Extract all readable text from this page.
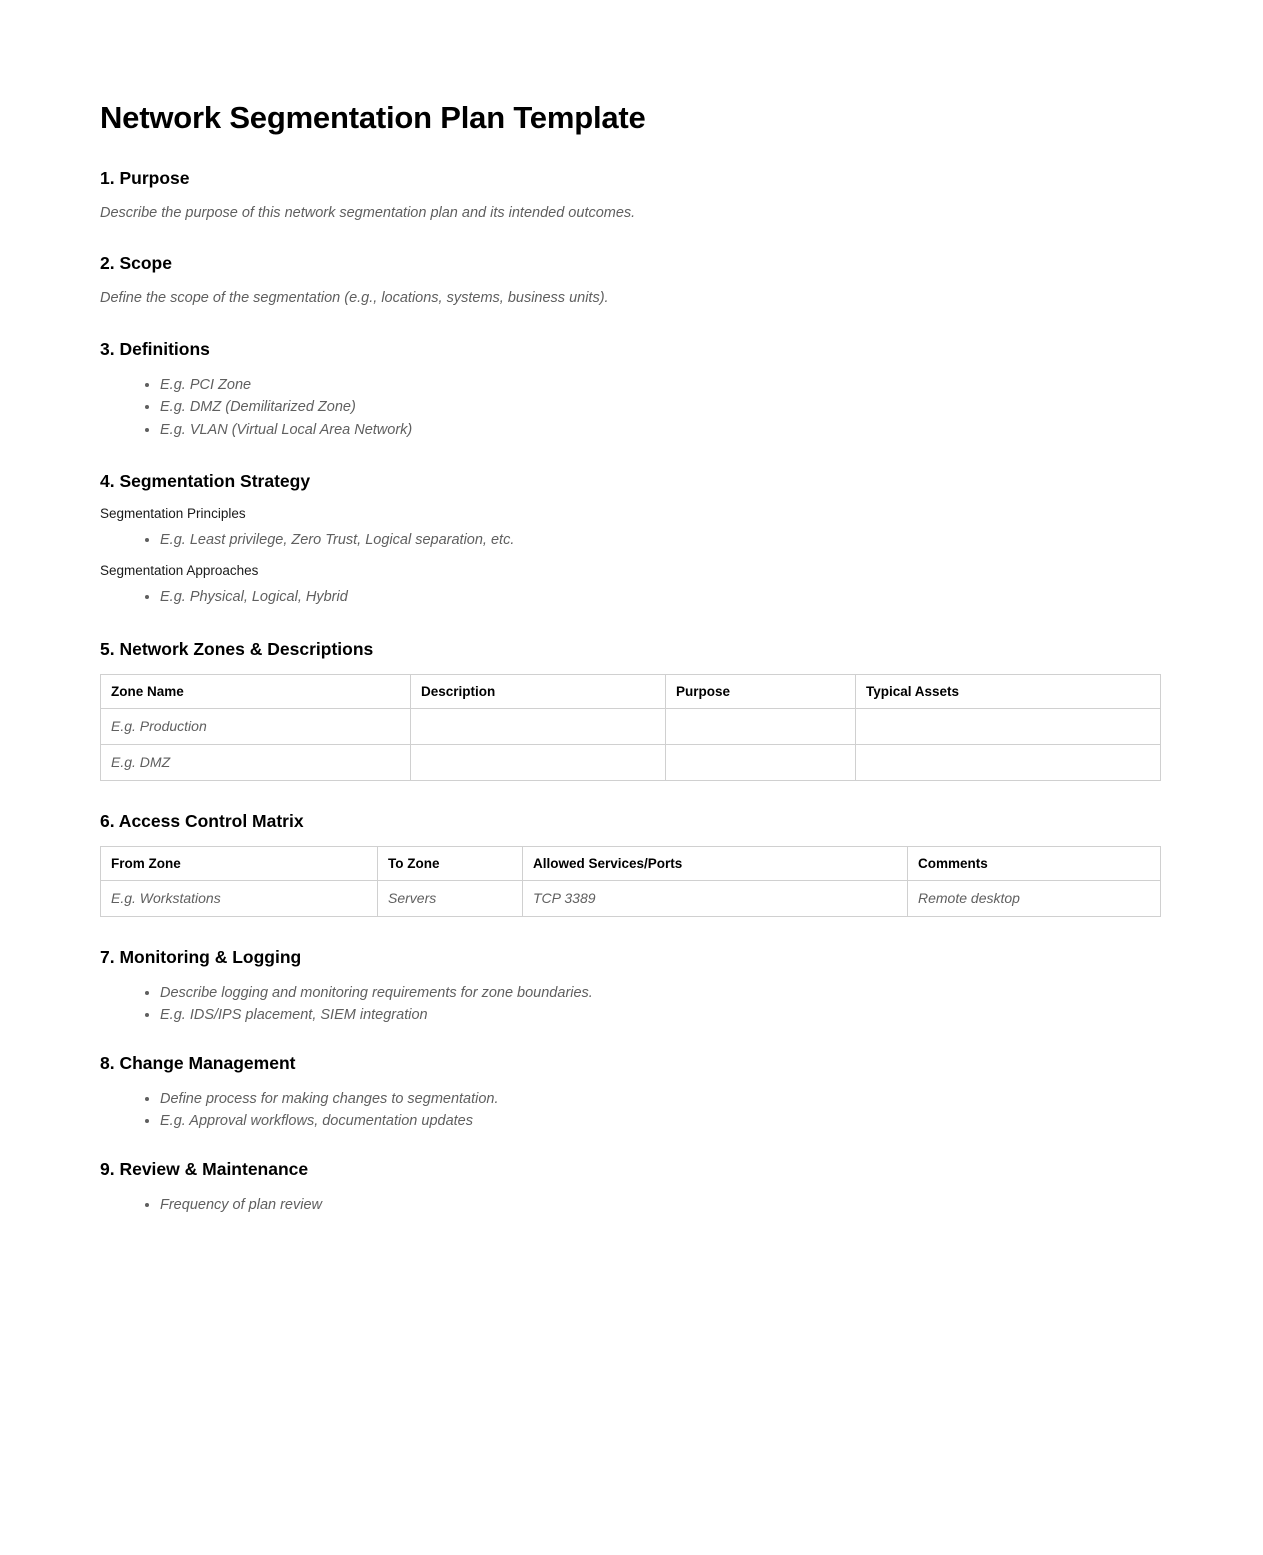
Network Segmentation Plan Template
1. Purpose

Describe the purpose of this network segmentation plan and its intended outcomes.

2. Scope

Define the scope of the segmentation (e.g., locations, systems, business units).

3. Definitions
• E.g. PCI Zone
• E.g. DMZ (Demilitarized Zone)
• E.g. VLAN (Virtual Local Area Network)
4. Segmentation Strategy

Segmentation Principles

• E.g. Least privilege, Zero Trust, Logical separation, etc.

Segmentation Approaches

• E.g. Physical, Logical, Hybrid
5. Network Zones & Descriptions
Zone Name	Description	Purpose	Typical Assets
E.g. Production			
E.g. DMZ			
6. Access Control Matrix
From Zone	To Zone	Allowed Services/Ports	Comments
E.g. Workstations	Servers	TCP 3389	Remote desktop
7. Monitoring & Logging
• Describe logging and monitoring requirements for zone boundaries.
• E.g. IDS/IPS placement, SIEM integration
8. Change Management
• Define process for making changes to segmentation.
• E.g. Approval workflows, documentation updates
9. Review & Maintenance
• Frequency of plan review
